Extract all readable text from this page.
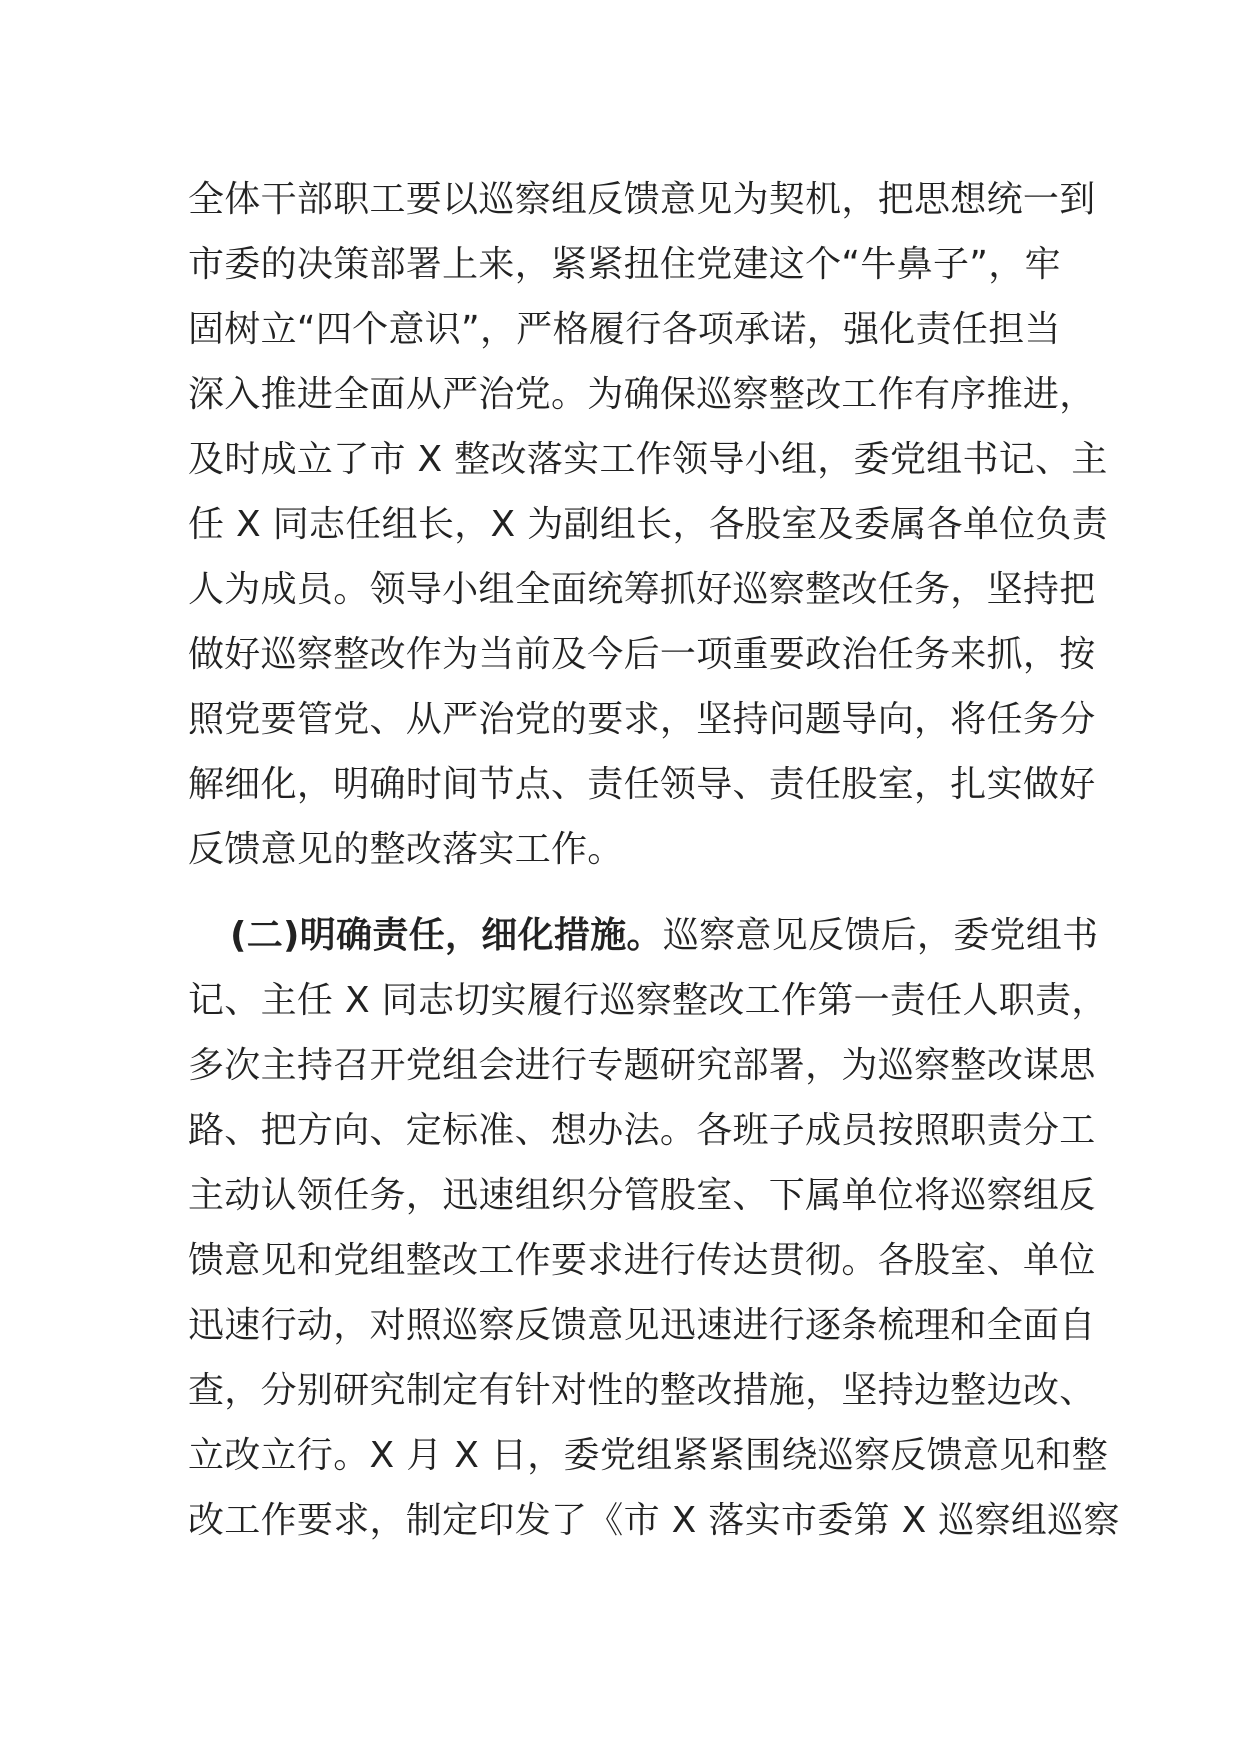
全体干部职工要以巡察组反馈意见为契机，把思想统一到
市委的决策部署上来，紧紧扭住党建这个“牛鼻子”，牢
固树立“四个意识”，严格履行各项承诺，强化责任担当
深入推进全面从严治党。为确保巡察整改工作有序推进，
及时成立了市 X 整改落实工作领导小组，委党组书记、主
任 X 同志任组长，X 为副组长，各股室及委属各单位负责
人为成员。领导小组全面统筹抓好巡察整改任务，坚持把
做好巡察整改作为当前及今后一项重要政治任务来抓，按
照党要管党、从严治党的要求，坚持问题导向，将任务分
解细化，明确时间节点、责任领导、责任股室，扎实做好
反馈意见的整改落实工作。
(二)明确责任，细化措施。巡察意见反馈后，委党组书
记、主任 X 同志切实履行巡察整改工作第一责任人职责，
多次主持召开党组会进行专题研究部署，为巡察整改谋思
路、把方向、定标准、想办法。各班子成员按照职责分工
主动认领任务，迅速组织分管股室、下属单位将巡察组反
馈意见和党组整改工作要求进行传达贯彻。各股室、单位
迅速行动，对照巡察反馈意见迅速进行逐条梳理和全面自
查，分别研究制定有针对性的整改措施，坚持边整边改、
立改立行。X 月 X 日，委党组紧紧围绕巡察反馈意见和整
改工作要求，制定印发了《市 X 落实市委第 X 巡察组巡察
